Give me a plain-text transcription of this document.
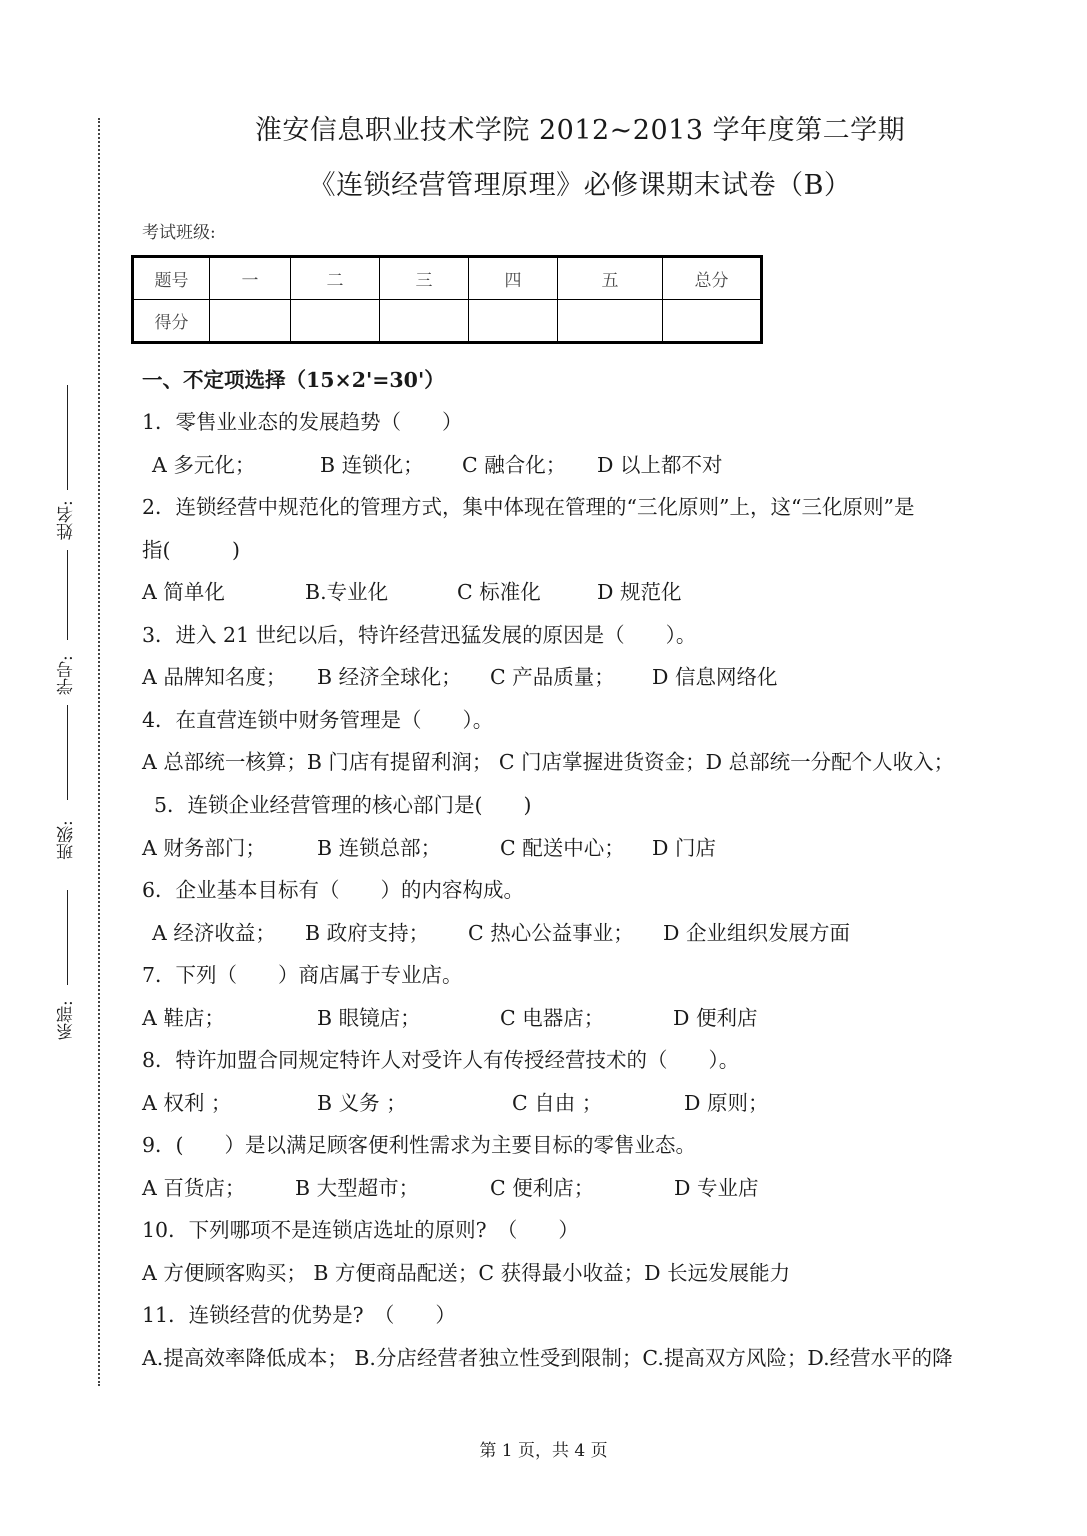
姓名:
学号:
班级:
系部:
淮安信息职业技术学院 2012~2013 学年度第二学期
《连锁经营管理原理》必修课期末试卷（B）
考试班级:
题号	一	二	三	四	五	总分
得分						
一、不定项选择（15×2'=30'）
1．零售业业态的发展趋势（　　）
A 多元化；	B 连锁化； C 融合化； D 以上都不对
2．连锁经营中规范化的管理方式，集中体现在管理的“三化原则”上，这“三化原则”是
指(　　　)
A 简单化	B.专业化	C 标准化	D 规范化
3．进入 21 世纪以后，特许经营迅猛发展的原因是（　　）。
A 品牌知名度； B 经济全球化； C 产品质量； D 信息网络化
4．在直营连锁中财务管理是（　　）。
A 总部统一核算；B 门店有提留利润； C 门店掌握进货资金；D 总部统一分配个人收入；
5．连锁企业经营管理的核心部门是(　　)
A 财务部门； B 连锁总部；	C 配送中心； D 门店
6．企业基本目标有（　　）的内容构成。
A 经济收益； B 政府支持； C 热心公益事业； D 企业组织发展方面
7．下列（　　）商店属于专业店。
A 鞋店；	B 眼镜店；	C 电器店；	D 便利店
8．特许加盟合同规定特许人对受许人有传授经营技术的（　　）。
A 权利 ；	B 义务 ；	C 自由 ；	D 原则；
9．(　　）是以满足顾客便利性需求为主要目标的零售业态。
A 百货店； B 大型超市；	C 便利店；	D 专业店
10．下列哪项不是连锁店选址的原则?　（　　）
A 方便顾客购买； B 方便商品配送；C 获得最小收益；D 长远发展能力
11．连锁经营的优势是?　（　　）
A.提高效率降低成本； B.分店经营者独立性受到限制；C.提高双方风险；D.经营水平的降
第 1 页，共 4 页
